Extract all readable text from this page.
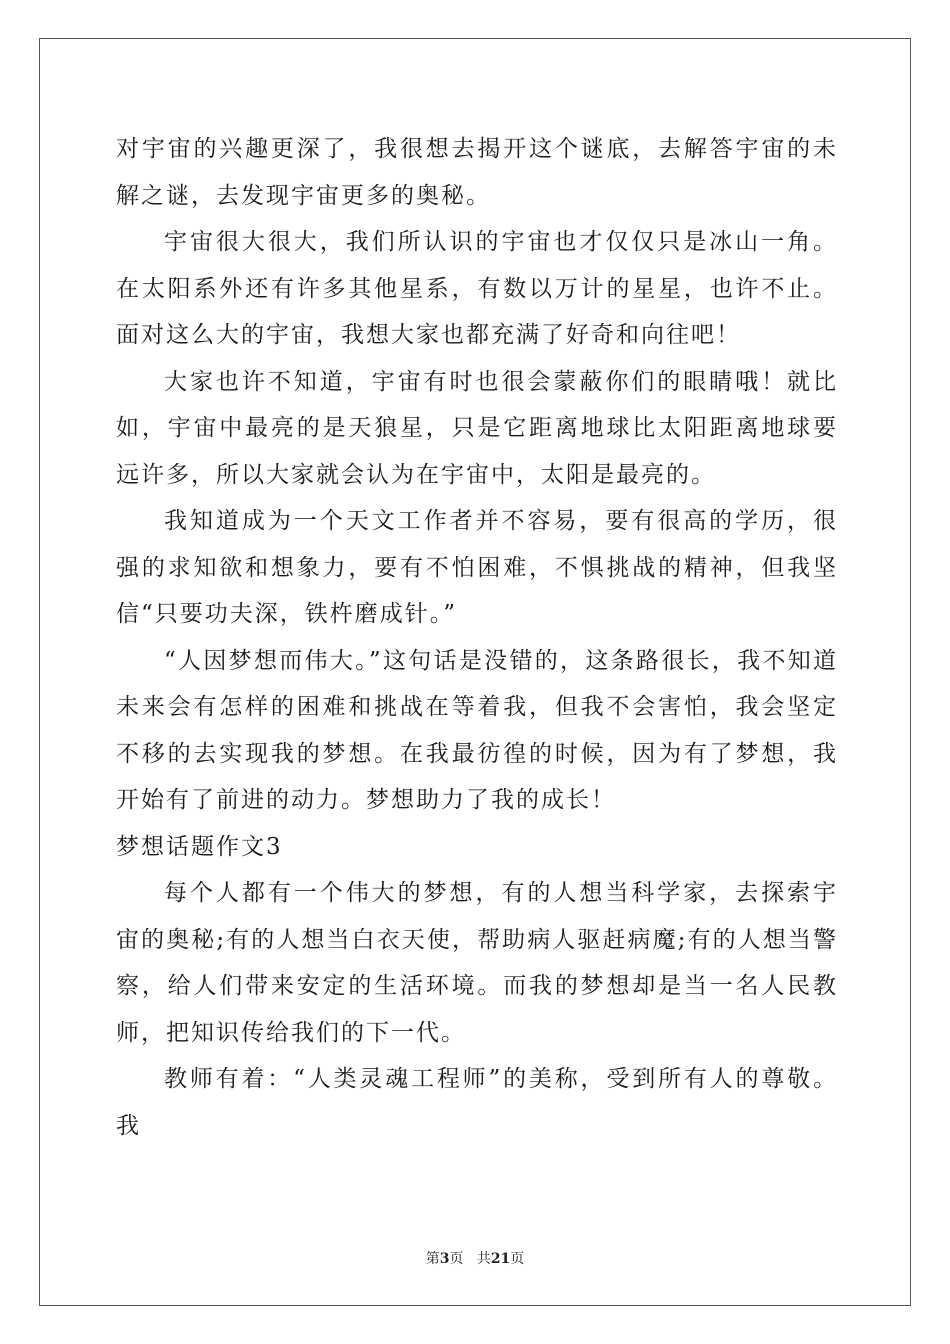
对宇宙的兴趣更深了，我很想去揭开这个谜底，去解答宇宙的未解之谜，去发现宇宙更多的奥秘。

宇宙很大很大，我们所认识的宇宙也才仅仅只是冰山一角。在太阳系外还有许多其他星系，有数以万计的星星，也许不止。面对这么大的宇宙，我想大家也都充满了好奇和向往吧！

大家也许不知道，宇宙有时也很会蒙蔽你们的眼睛哦！就比如，宇宙中最亮的是天狼星，只是它距离地球比太阳距离地球要远许多，所以大家就会认为在宇宙中，太阳是最亮的。

我知道成为一个天文工作者并不容易，要有很高的学历，很强的求知欲和想象力，要有不怕困难，不惧挑战的精神，但我坚信“只要功夫深，铁杵磨成针。”

“人因梦想而伟大。”这句话是没错的，这条路很长，我不知道未来会有怎样的困难和挑战在等着我，但我不会害怕，我会坚定不移的去实现我的梦想。在我最彷徨的时候，因为有了梦想，我开始有了前进的动力。梦想助力了我的成长！

梦想话题作文3

每个人都有一个伟大的梦想，有的人想当科学家，去探索宇宙的奥秘;有的人想当白衣天使，帮助病人驱赶病魔;有的人想当警察，给人们带来安定的生活环境。而我的梦想却是当一名人民教师，把知识传给我们的下一代。

教师有着：“人类灵魂工程师”的美称，受到所有人的尊敬。我

第3页 共21页
